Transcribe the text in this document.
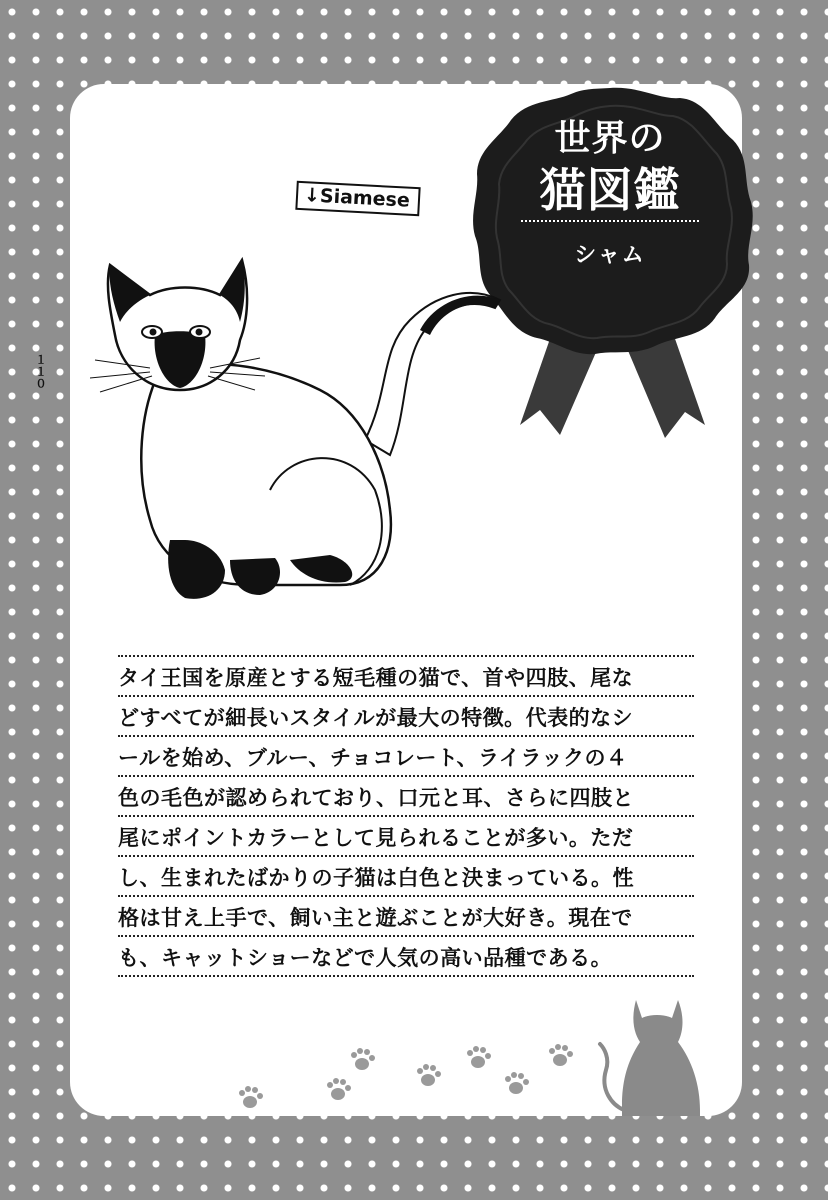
１１０
↓Siamese
世界の
猫図鑑
シャム
タイ王国を原産とする短毛種の猫で、首や四肢、尾な
どすべてが細長いスタイルが最大の特徴。代表的なシ
ールを始め、ブルー、チョコレート、ライラックの４
色の毛色が認められており、口元と耳、さらに四肢と
尾にポイントカラーとして見られることが多い。ただ
し、生まれたばかりの子猫は白色と決まっている。性
格は甘え上手で、飼い主と遊ぶことが大好き。現在で
も、キャットショーなどで人気の高い品種である。
